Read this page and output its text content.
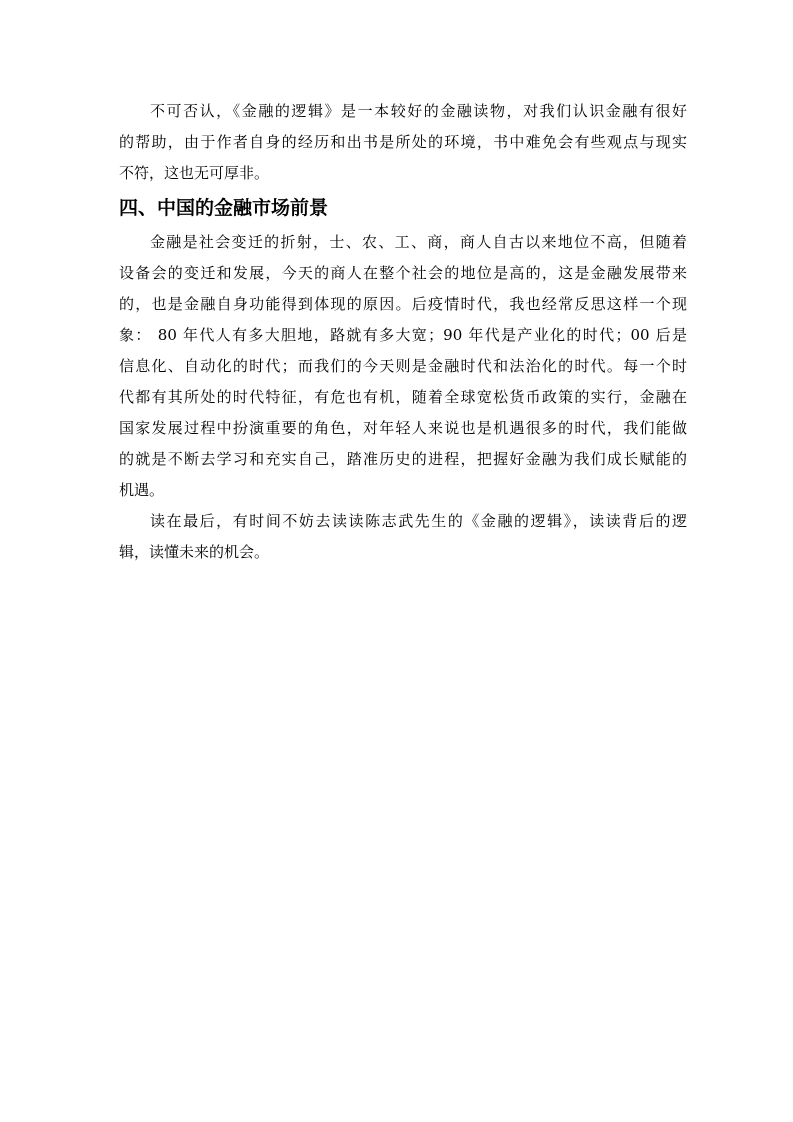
不可否认，《金融的逻辑》是一本较好的金融读物，对我们认识金融有很好
的帮助，由于作者自身的经历和出书是所处的环境，书中难免会有些观点与现实
不符，这也无可厚非。
四、中国的金融市场前景
金融是社会变迁的折射，士、农、工、商，商人自古以来地位不高，但随着
设备会的变迁和发展，今天的商人在整个社会的地位是高的，这是金融发展带来
的，也是金融自身功能得到体现的原因。后疫情时代，我也经常反思这样一个现
象： 80 年代人有多大胆地，路就有多大宽；90 年代是产业化的时代；00 后是
信息化、自动化的时代；而我们的今天则是金融时代和法治化的时代。每一个时
代都有其所处的时代特征，有危也有机，随着全球宽松货币政策的实行，金融在
国家发展过程中扮演重要的角色，对年轻人来说也是机遇很多的时代，我们能做
的就是不断去学习和充实自己，踏准历史的进程，把握好金融为我们成长赋能的
机遇。
读在最后，有时间不妨去读读陈志武先生的《金融的逻辑》，读读背后的逻
辑，读懂未来的机会。
